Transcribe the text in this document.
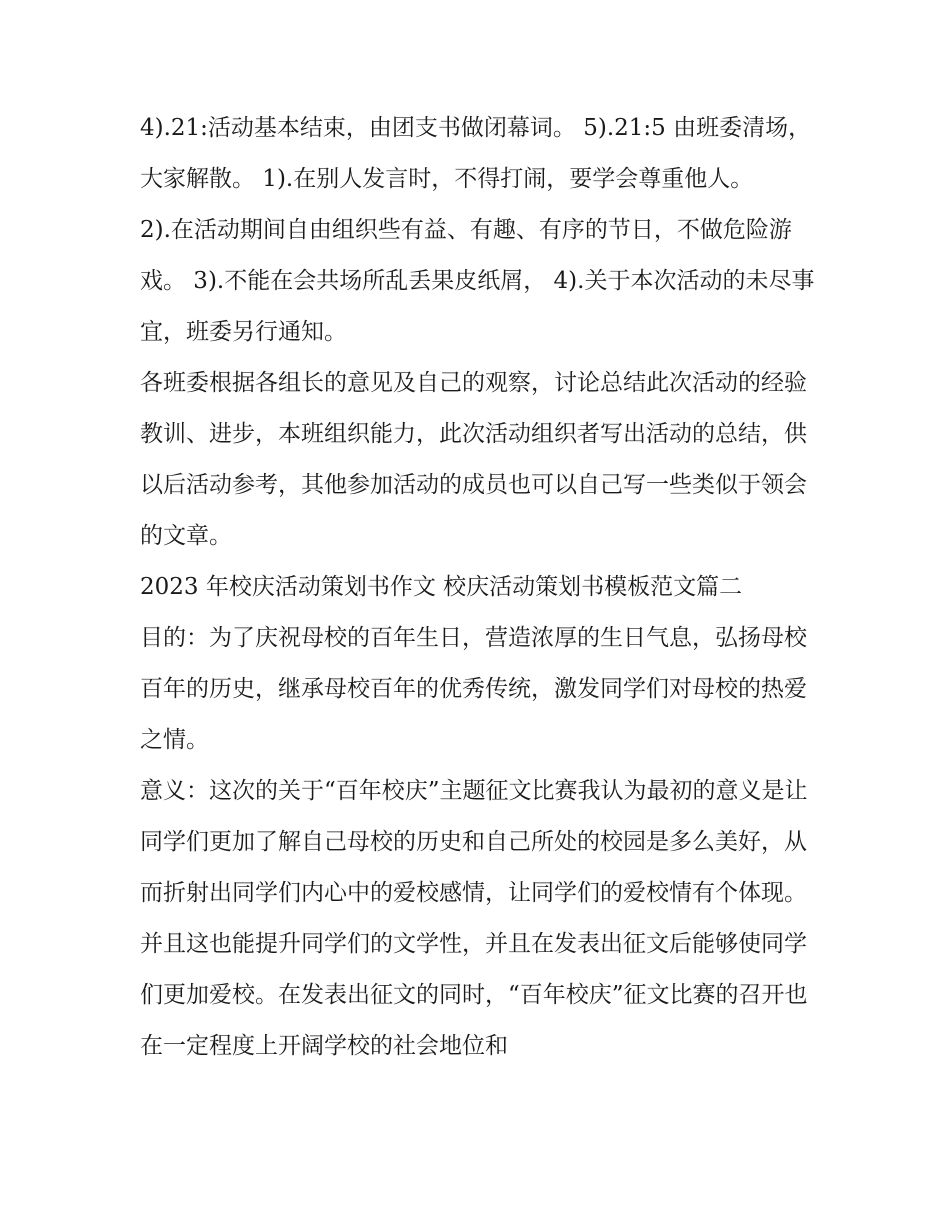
4).21:活动基本结束，由团支书做闭幕词。 5).21:5 由班委清场，大家解散。 1).在别人发言时，不得打闹，要学会尊重他人。

2).在活动期间自由组织些有益、有趣、有序的节日，不做危险游戏。 3).不能在会共场所乱丢果皮纸屑， 4).关于本次活动的未尽事宜，班委另行通知。

各班委根据各组长的意见及自己的观察，讨论总结此次活动的经验教训、进步，本班组织能力，此次活动组织者写出活动的总结，供以后活动参考，其他参加活动的成员也可以自己写一些类似于领会的文章。

2023 年校庆活动策划书作文 校庆活动策划书模板范文篇二

目的：为了庆祝母校的百年生日，营造浓厚的生日气息，弘扬母校百年的历史，继承母校百年的优秀传统，激发同学们对母校的热爱之情。

意义：这次的关于“百年校庆”主题征文比赛我认为最初的意义是让同学们更加了解自己母校的历史和自己所处的校园是多么美好，从而折射出同学们内心中的爱校感情，让同学们的爱校情有个体现。并且这也能提升同学们的文学性，并且在发表出征文后能够使同学们更加爱校。在发表出征文的同时，“百年校庆”征文比赛的召开也在一定程度上开阔学校的社会地位和
